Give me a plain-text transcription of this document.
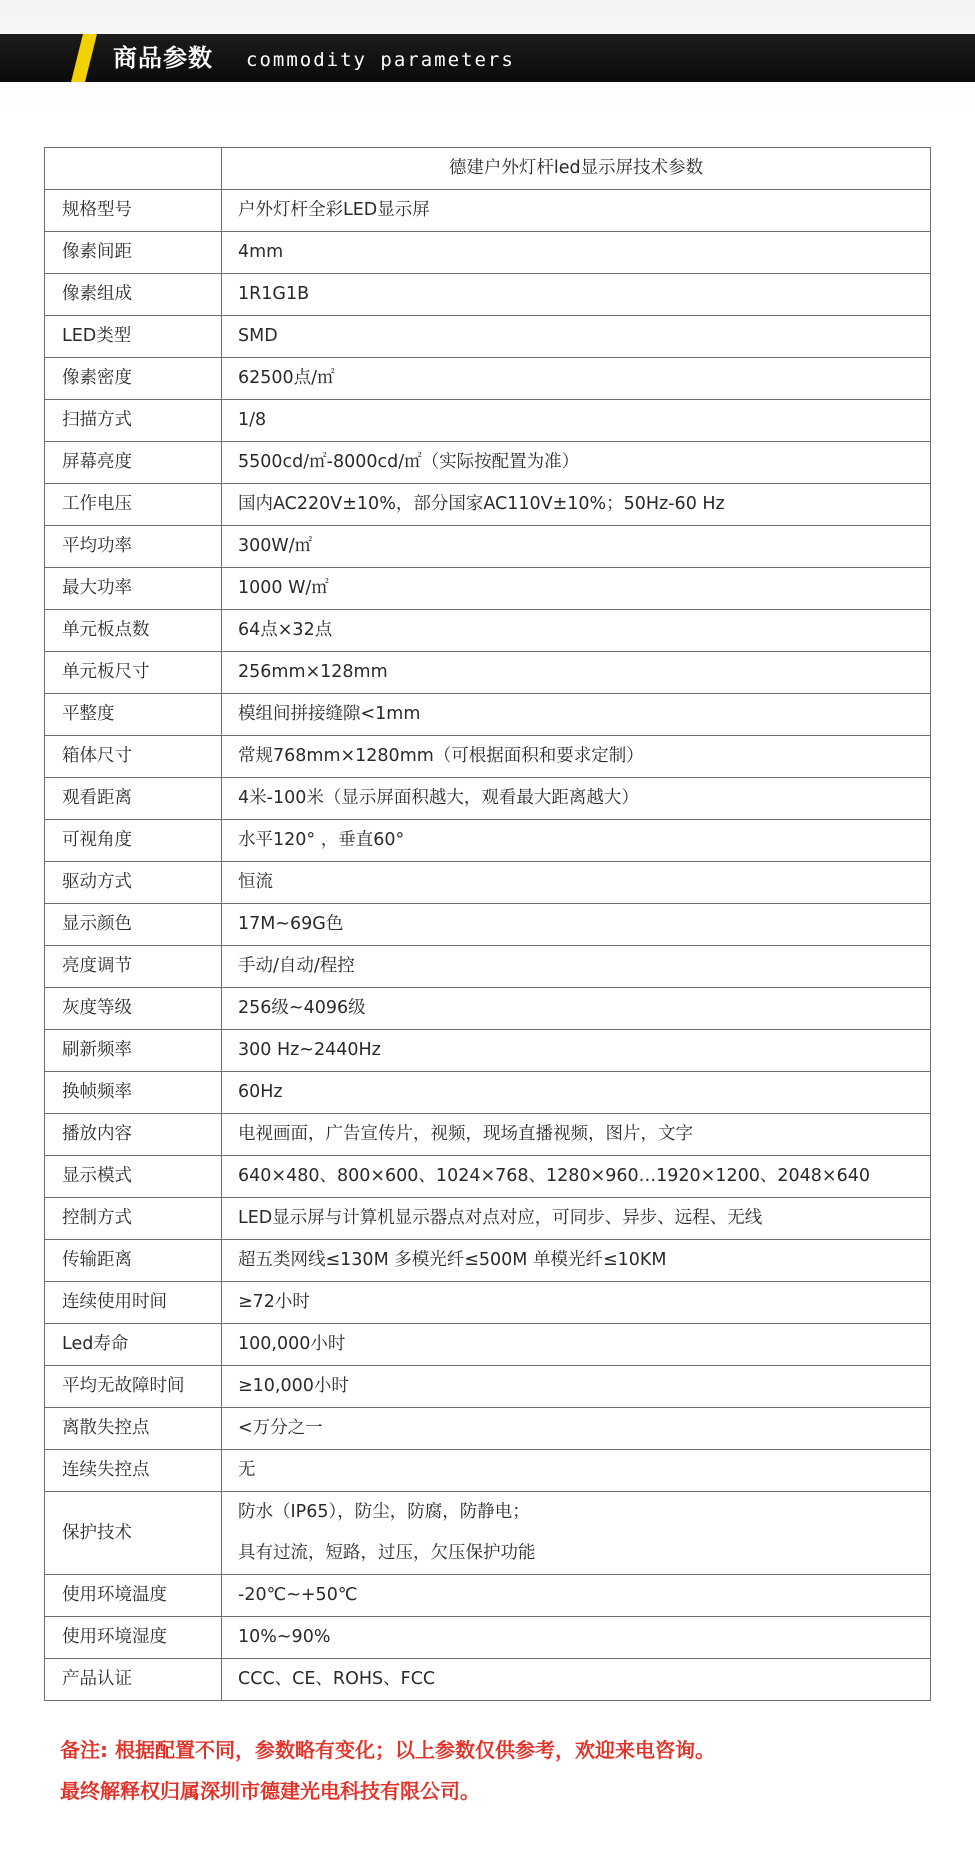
商品参数 commodity parameters
	德建户外灯杆led显示屏技术参数
规格型号	户外灯杆全彩LED显示屏
像素间距	4mm
像素组成	1R1G1B
LED类型	SMD
像素密度	62500点/㎡
扫描方式	1/8
屏幕亮度	5500cd/㎡-8000cd/㎡（实际按配置为准）
工作电压	国内AC220V±10%，部分国家AC110V±10%；50Hz-60 Hz
平均功率	300W/㎡
最大功率	1000 W/㎡
单元板点数	64点×32点
单元板尺寸	256mm×128mm
平整度	模组间拼接缝隙<1mm
箱体尺寸	常规768mm×1280mm（可根据面积和要求定制）
观看距离	4米-100米（显示屏面积越大，观看最大距离越大）
可视角度	水平120° ，垂直60°
驱动方式	恒流
显示颜色	17M~69G色
亮度调节	手动/自动/程控
灰度等级	256级~4096级
刷新频率	300 Hz~2440Hz
换帧频率	60Hz
播放内容	电视画面，广告宣传片，视频，现场直播视频，图片，文字
显示模式	640×480、800×600、1024×768、1280×960…1920×1200、2048×640
控制方式	LED显示屏与计算机显示器点对点对应，可同步、异步、远程、无线
传输距离	超五类网线≤130M 多模光纤≤500M 单模光纤≤10KM
连续使用时间	≥72小时
Led寿命	100,000小时
平均无故障时间	≥10,000小时
离散失控点	<万分之一
连续失控点	无
保护技术	防水（IP65），防尘，防腐，防静电；
具有过流，短路，过压，欠压保护功能

使用环境温度	-20℃~+50℃
使用环境湿度	10%~90%
产品认证	CCC、CE、ROHS、FCC
备注: 根据配置不同，参数略有变化；以上参数仅供参考，欢迎来电咨询。
最终解释权归属深圳市德建光电科技有限公司。
